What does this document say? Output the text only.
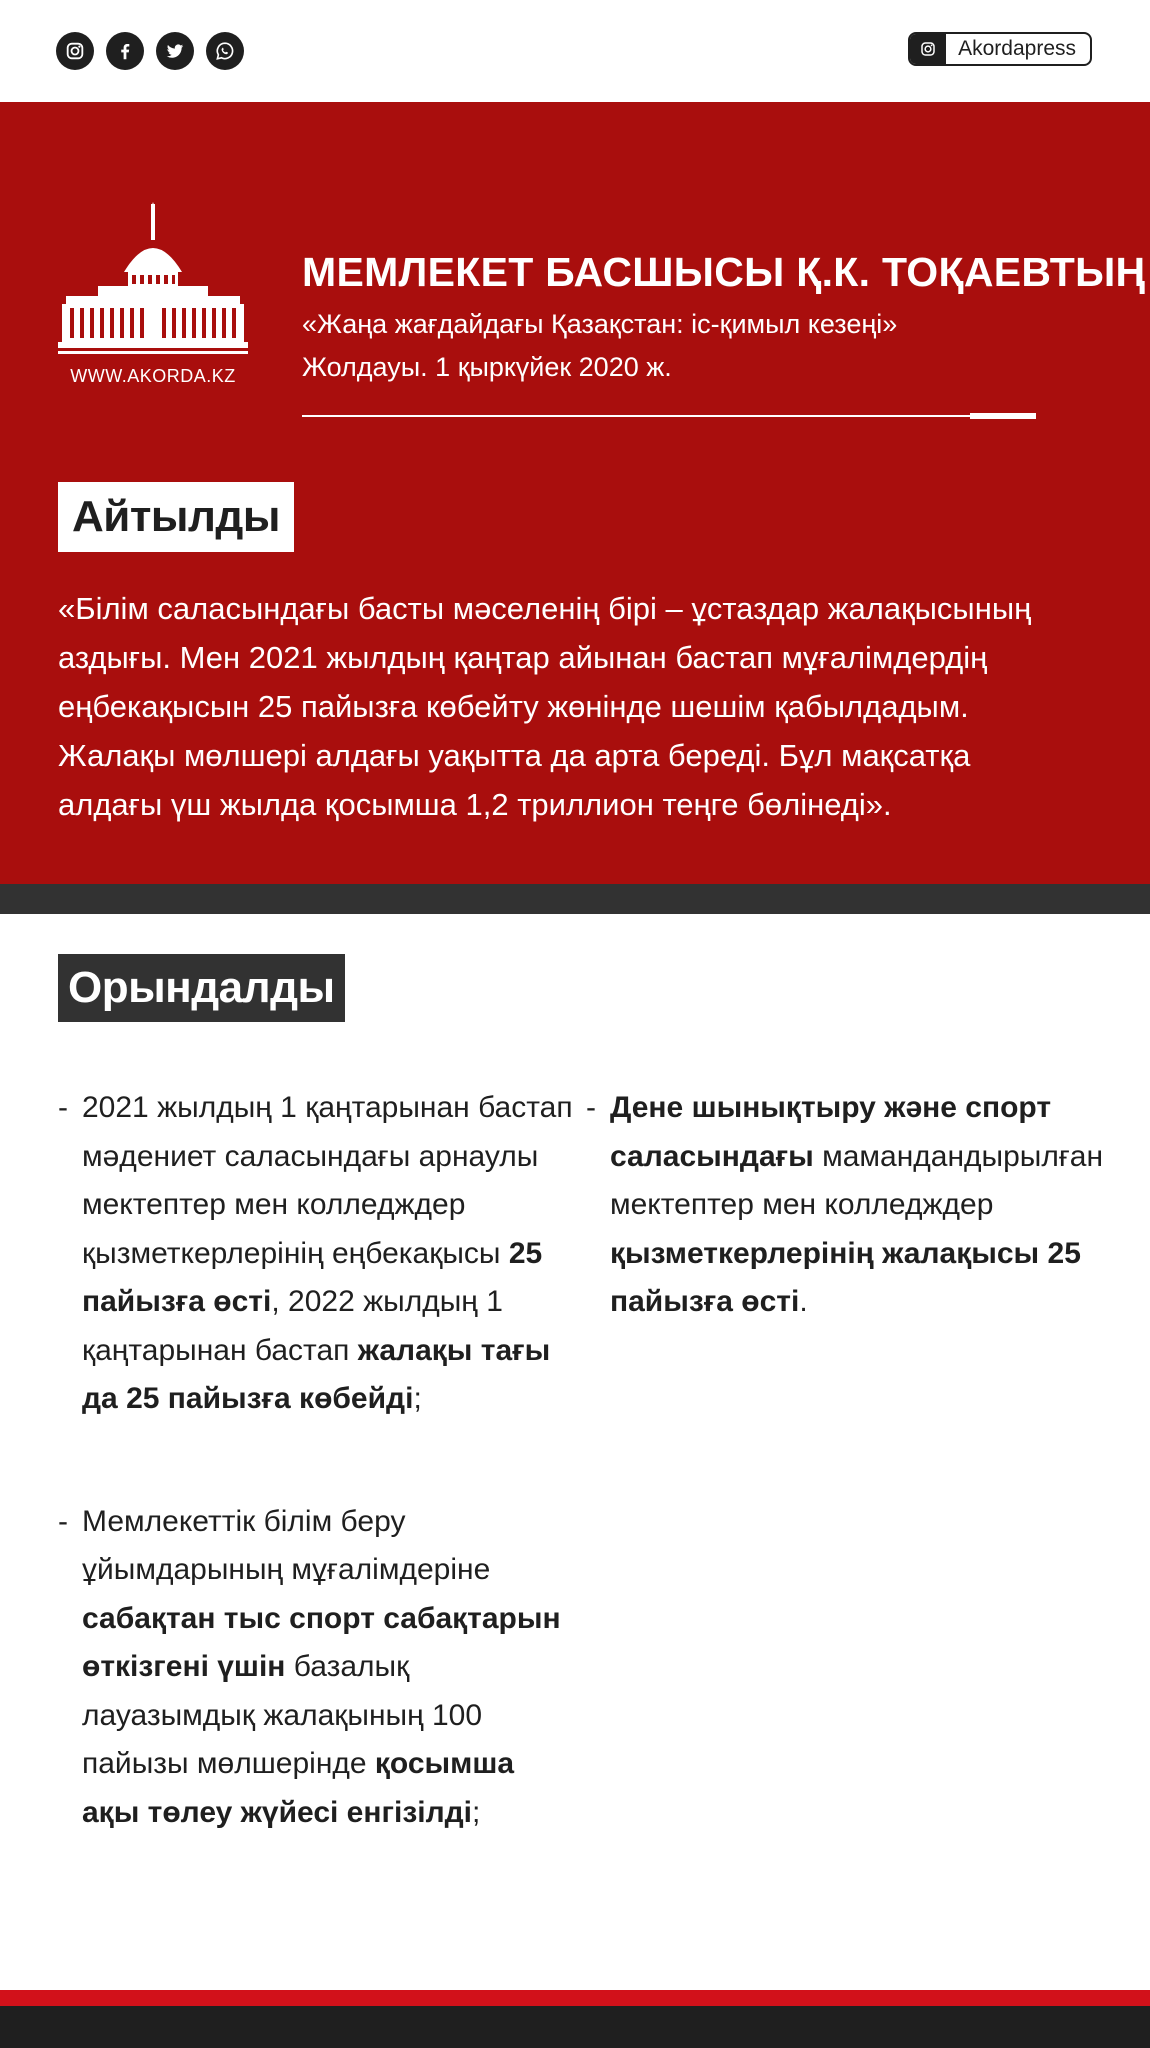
Akordapress
WWW.AKORDA.KZ
МЕМЛЕКЕТ БАСШЫСЫ Қ.К. ТОҚАЕВТЫҢ
«Жаңа жағдайдағы Қазақстан: іс-қимыл кезеңі»
Жолдауы. 1 қыркүйек 2020 ж.
Айтылды
«Білім саласындағы басты мәселенің бірі – ұстаздар жалақысының аздығы. Мен 2021 жылдың қаңтар айынан бастап мұғалімдердің еңбекақысын 25 пайызға көбейту жөнінде шешім қабылдадым. Жалақы мөлшері алдағы уақытта да арта береді. Бұл мақсатқа алдағы үш жылда қосымша 1,2 триллион теңге бөлінеді».
Орындалды
- 2021 жылдың 1 қаңтарынан бастап мәдениет саласындағы арнаулы мектептер мен колледждер қызметкерлерінің еңбекақысы 25 пайызға өсті, 2022 жылдың 1 қаңтарынан бастап жалақы тағы да 25 пайызға көбейді;
- Мемлекеттік білім беру ұйымдарының мұғалімдеріне сабақтан тыс спорт сабақтарын өткізгені үшін базалық лауазымдық жалақының 100 пайызы мөлшерінде қосымша ақы төлеу жүйесі енгізілді;
- Дене шынықтыру және спорт саласындағы мамандандырылған мектептер мен колледждер қызметкерлерінің жалақысы 25 пайызға өсті.
